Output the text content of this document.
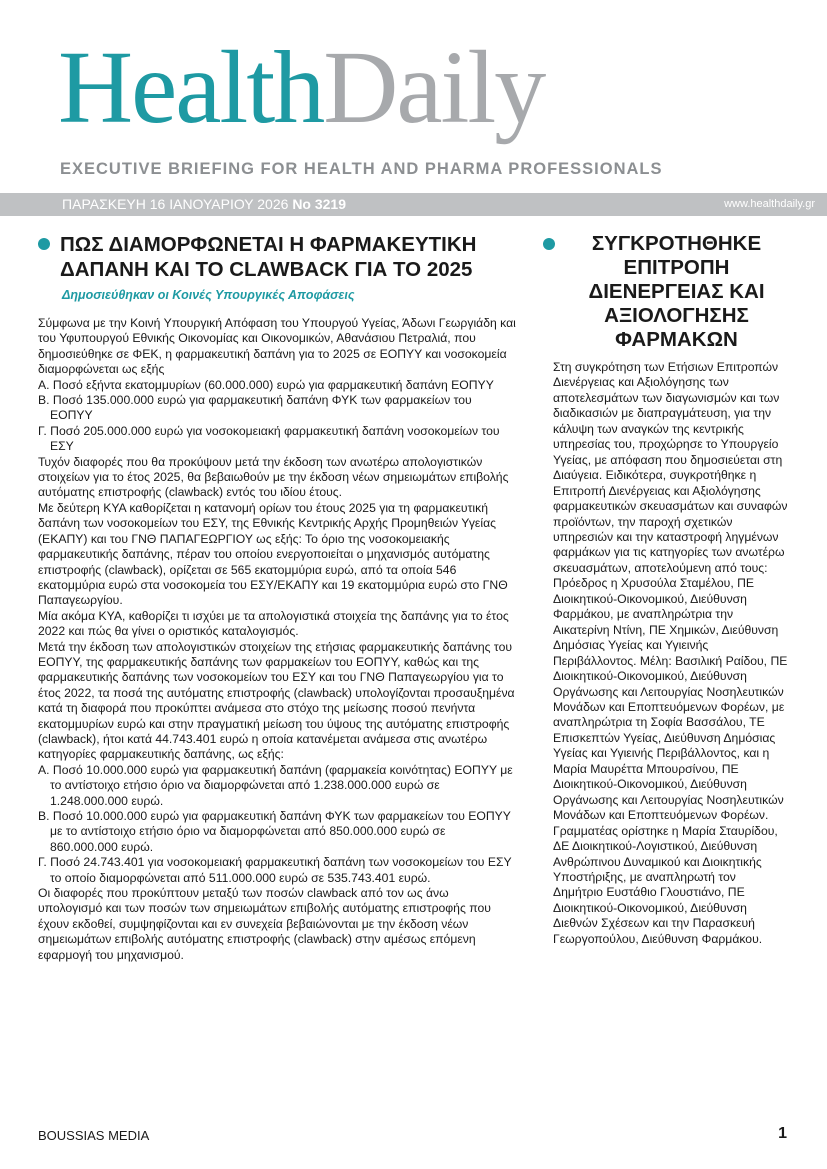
HealthDaily
EXECUTIVE BRIEFING FOR HEALTH AND PHARMA PROFESSIONALS
ΠΑΡΑΣΚΕΥΗ 16 ΙΑΝΟΥΑΡΙΟΥ 2026 No 3219	www.healthdaily.gr
ΠΩΣ ΔΙΑΜΟΡΦΩΝΕΤΑΙ Η ΦΑΡΜΑΚΕΥΤΙΚΗ ΔΑΠΑΝΗ ΚΑΙ ΤΟ CLAWBACK ΓΙΑ ΤΟ 2025
Δημοσιεύθηκαν οι Κοινές Υπουργικές Αποφάσεις

Σύμφωνα με την Κοινή Υπουργική Απόφαση του Υπουργού Υγείας, Άδωνι Γεωργιάδη και του Υφυπουργού Εθνικής Οικονομίας και Οικονομικών, Αθανάσιου Πετραλιά, που δημοσιεύθηκε σε ΦΕΚ, η φαρμακευτική δαπάνη για το 2025 σε ΕΟΠΥΥ και νοσοκομεία διαμορφώνεται ως εξής

Α. Ποσό εξήντα εκατομμυρίων (60.000.000) ευρώ για φαρμακευτική δαπάνη ΕΟΠΥΥ

Β. Ποσό 135.000.000 ευρώ για φαρμακευτική δαπάνη ΦΥΚ των φαρμακείων του ΕΟΠΥΥ

Γ. Ποσό 205.000.000 ευρώ για νοσοκομειακή φαρμακευτική δαπάνη νοσοκομείων του ΕΣΥ

Τυχόν διαφορές που θα προκύψουν μετά την έκδοση των ανωτέρω απολογιστικών στοιχείων για το έτος 2025, θα βεβαιωθούν με την έκδοση νέων σημειωμάτων επιβολής αυτόματης επιστροφής (clawback) εντός του ιδίου έτους.

Με δεύτερη ΚΥΑ καθορίζεται η κατανομή ορίων του έτους 2025 για τη φαρμακευτική δαπάνη των νοσοκομείων του ΕΣΥ, της Εθνικής Κεντρικής Αρχής Προμηθειών Υγείας (ΕΚΑΠΥ) και του ΓΝΘ ΠΑΠΑΓΕΩΡΓΙΟΥ ως εξής: Το όριο της νοσοκομειακής φαρμακευτικής δαπάνης, πέραν του οποίου ενεργοποιείται ο μηχανισμός αυτόματης επιστροφής (clawback), ορίζεται σε 565 εκατομμύρια ευρώ, από τα οποία 546 εκατομμύρια ευρώ στα νοσοκομεία του ΕΣΥ/ΕΚΑΠΥ και 19 εκατομμύρια ευρώ στο ΓΝΘ Παπαγεωργίου.

Μία ακόμα ΚΥΑ, καθορίζει τι ισχύει με τα απολογιστικά στοιχεία της δαπάνης για το έτος 2022 και πώς θα γίνει ο οριστικός καταλογισμός.

Μετά την έκδοση των απολογιστικών στοιχείων της ετήσιας φαρμακευτικής δαπάνης του ΕΟΠΥΥ, της φαρμακευτικής δαπάνης των φαρμακείων του ΕΟΠΥΥ, καθώς και της φαρμακευτικής δαπάνης των νοσοκομείων του ΕΣΥ και του ΓΝΘ Παπαγεωργίου για το έτος 2022, τα ποσά της αυτόματης επιστροφής (clawback) υπολογίζονται προσαυξημένα κατά τη διαφορά που προκύπτει ανάμεσα στο στόχο της μείωσης ποσού πενήντα εκατομμυρίων ευρώ και στην πραγματική μείωση του ύψους της αυτόματης επιστροφής (clawback), ήτοι κατά 44.743.401 ευρώ η οποία κατανέμεται ανάμεσα στις ανωτέρω κατηγορίες φαρμακευτικής δαπάνης, ως εξής:

Α. Ποσό 10.000.000 ευρώ για φαρμακευτική δαπάνη (φαρμακεία κοινότητας) ΕΟΠΥΥ με το αντίστοιχο ετήσιο όριο να διαμορφώνεται από 1.238.000.000 ευρώ σε 1.248.000.000 ευρώ.

Β. Ποσό 10.000.000 ευρώ για φαρμακευτική δαπάνη ΦΥΚ των φαρμακείων του ΕΟΠΥΥ με το αντίστοιχο ετήσιο όριο να διαμορφώνεται από 850.000.000 ευρώ σε 860.000.000 ευρώ.

Γ. Ποσό 24.743.401 για νοσοκομειακή φαρμακευτική δαπάνη των νοσοκομείων του ΕΣΥ το οποίο διαμορφώνεται από 511.000.000 ευρώ σε 535.743.401 ευρώ.

Οι διαφορές που προκύπτουν μεταξύ των ποσών clawback από τον ως άνω υπολογισμό και των ποσών των σημειωμάτων επιβολής αυτόματης επιστροφής που έχουν εκδοθεί, συμψηφίζονται και εν συνεχεία βεβαιώνονται με την έκδοση νέων σημειωμάτων επιβολής αυτόματης επιστροφής (clawback) στην αμέσως επόμενη εφαρμογή του μηχανισμού.

ΣΥΓΚΡΟΤΗΘΗΚΕ ΕΠΙΤΡΟΠΗ ΔΙΕΝΕΡΓΕΙΑΣ ΚΑΙ ΑΞΙΟΛΟΓΗΣΗΣ ΦΑΡΜΑΚΩΝ

Στη συγκρότηση των Ετήσιων Επιτροπών Διενέργειας και Αξιολόγησης των αποτελεσμάτων των διαγωνισμών και των διαδικασιών με διαπραγμάτευση, για την κάλυψη των αναγκών της κεντρικής υπηρεσίας του, προχώρησε το Υπουργείο Υγείας, με απόφαση που δημοσιεύεται στη Διαύγεια. Ειδικότερα, συγκροτήθηκε η Επιτροπή Διενέργειας και Αξιολόγησης φαρμακευτικών σκευασμάτων και συναφών προϊόντων, την παροχή σχετικών υπηρεσιών και την καταστροφή ληγμένων φαρμάκων για τις κατηγορίες των ανωτέρω σκευασμάτων, αποτελούμενη από τους: Πρόεδρος η Χρυσούλα Σταμέλου, ΠΕ Διοικητικού-Οικονομικού, Διεύθυνση Φαρμάκου, με αναπληρώτρια την Αικατερίνη Ντίνη, ΠΕ Χημικών, Διεύθυνση Δημόσιας Υγείας και Υγιεινής Περιβάλλοντος. Μέλη: Βασιλική Ραίδου, ΠΕ Διοικητικού-Οικονομικού, Διεύθυνση Οργάνωσης και Λειτουργίας Νοσηλευτικών Μονάδων και Εποπτευόμενων Φορέων, με αναπληρώτρια τη Σοφία Βασσάλου, ΤΕ Επισκεπτών Υγείας, Διεύθυνση Δημόσιας Υγείας και Υγιεινής Περιβάλλοντος, και η Μαρία Μαυρέττα Μπουρσίνου, ΠΕ Διοικητικού-Οικονομικού, Διεύθυνση Οργάνωσης και Λειτουργίας Νοσηλευτικών Μονάδων και Εποπτευόμενων Φορέων. Γραμματέας ορίστηκε η Μαρία Σταυρίδου, ΔΕ Διοικητικού-Λογιστικού, Διεύθυνση Ανθρώπινου Δυναμικού και Διοικητικής Υποστήριξης, με αναπληρωτή τον Δημήτριο Ευστάθιο Γλουστιάνο, ΠΕ Διοικητικού-Οικονομικού, Διεύθυνση Διεθνών Σχέσεων και την Παρασκευή Γεωργοπούλου, Διεύθυνση Φαρμάκου.

BOUSSIAS MEDIA	1
